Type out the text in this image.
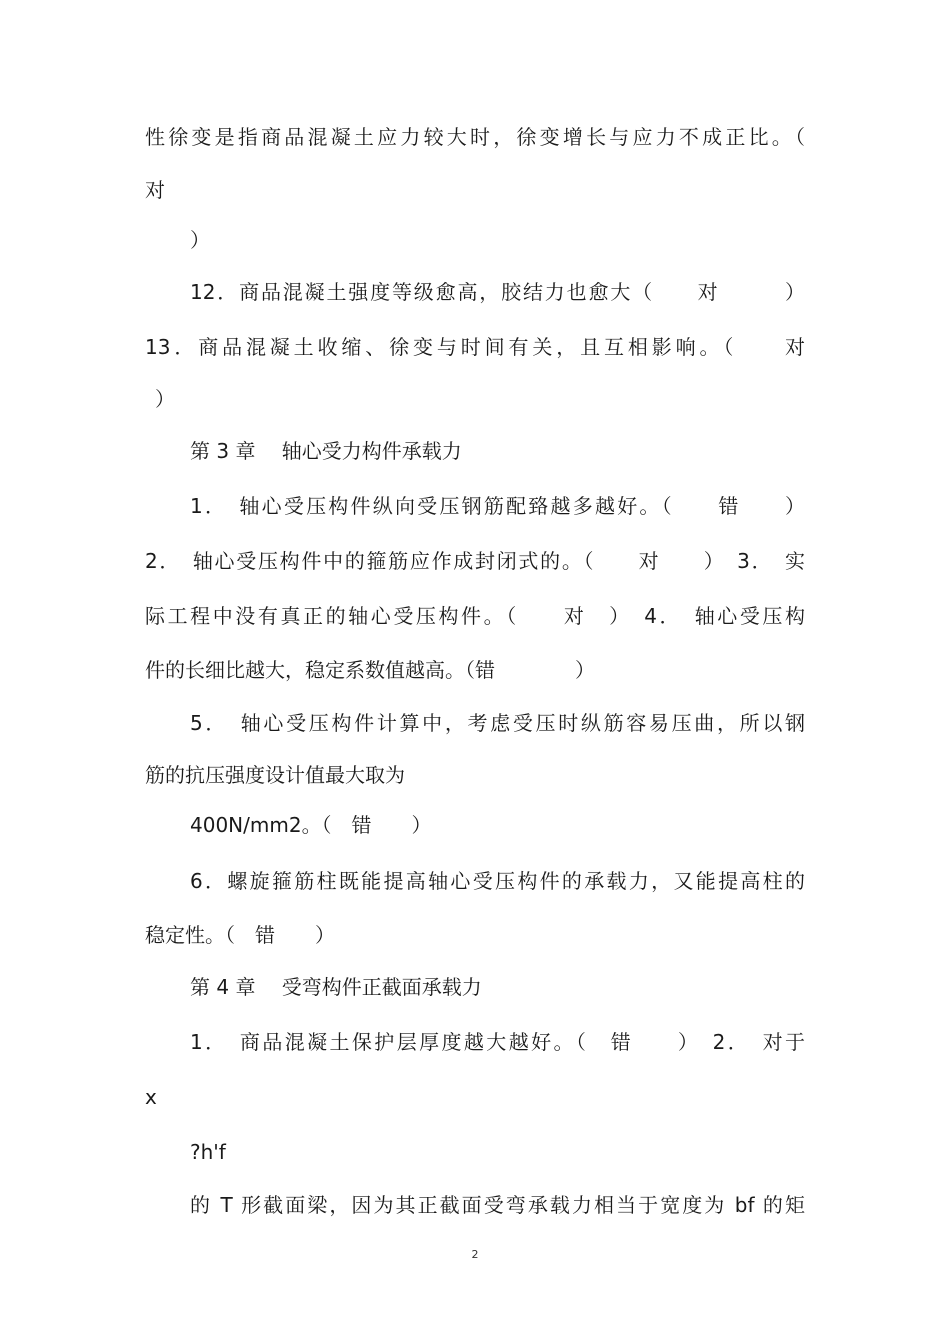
性徐变是指商品混凝土应力较大时，徐变增长与应力不成正比。（
对
）
12．商品混凝土强度等级愈高，胶结力也愈大（　　对　　　）
13．商品混凝土收缩、徐变与时间有关，且互相影响。（　　对
）
第 3 章　 轴心受力构件承载力
1．　轴心受压构件纵向受压钢筋配臵越多越好。（　　错　　）
2．　轴心受压构件中的箍筋应作成封闭式的。（　　对　　）　3．　实
际工程中没有真正的轴心受压构件。（　　对　）　4．　轴心受压构
件的长细比越大，稳定系数值越高。（错　　　　）
5．　轴心受压构件计算中，考虑受压时纵筋容易压曲，所以钢
筋的抗压强度设计值最大取为
400N/mm2。（　错　　）
6．螺旋箍筋柱既能提高轴心受压构件的承载力，又能提高柱的
稳定性。（　错　　）
第 4 章　 受弯构件正截面承载力
1．　商品混凝土保护层厚度越大越好。（　错　　）　2．　对于
x
?h'f
的 T 形截面梁，因为其正截面受弯承载力相当于宽度为 bf 的矩
2
